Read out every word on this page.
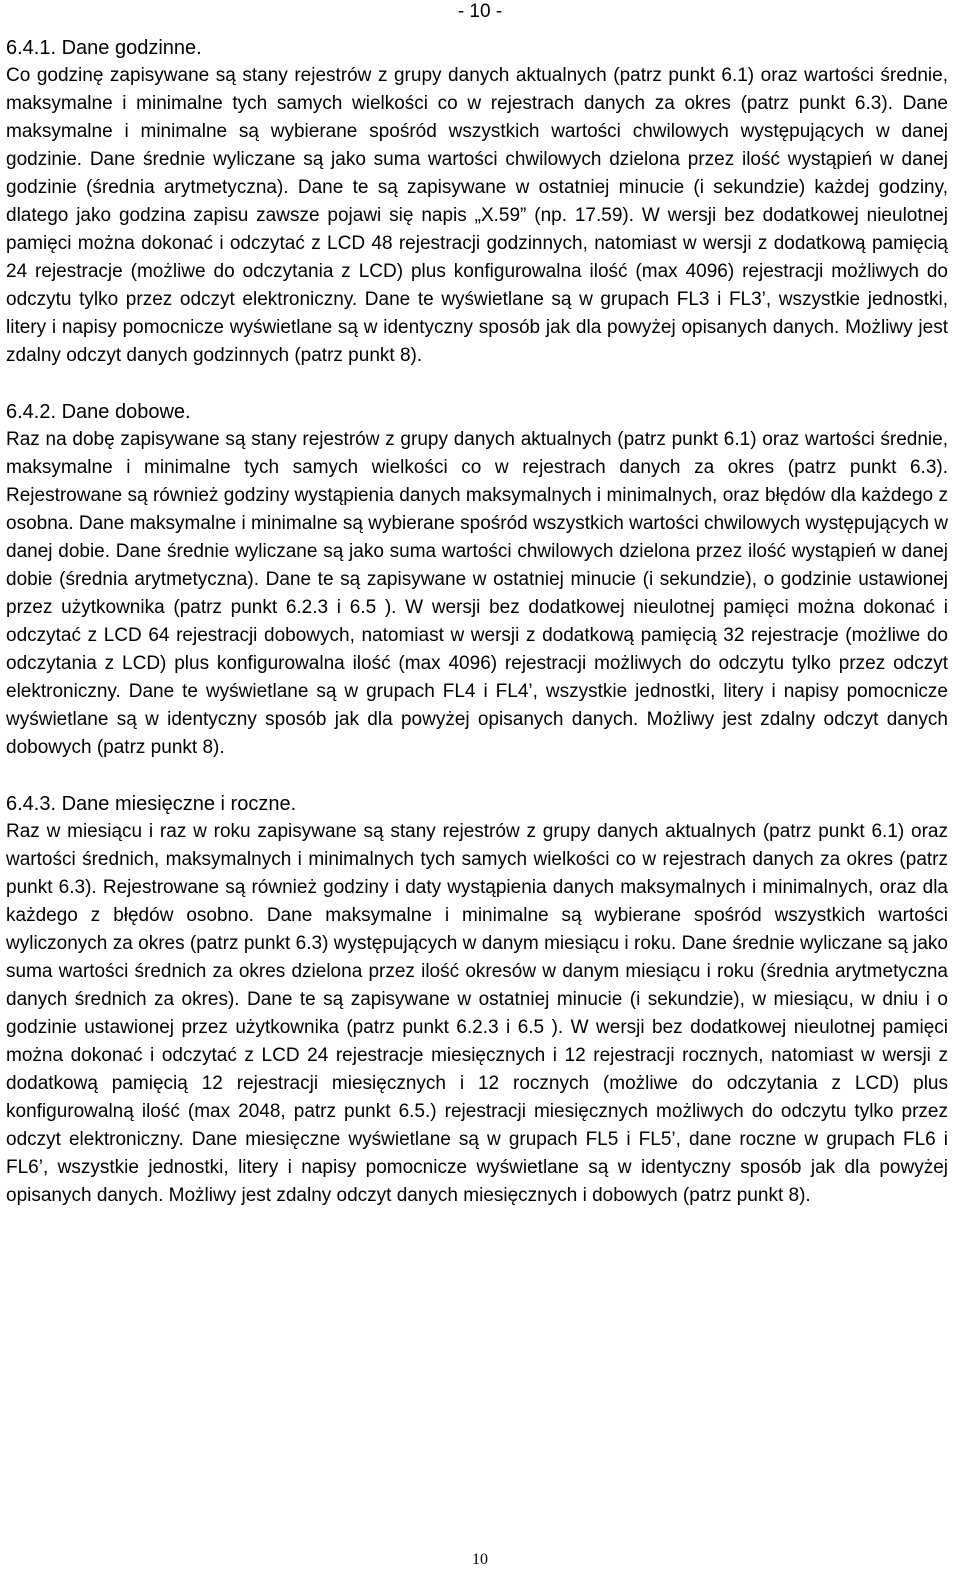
- 10 -
6.4.1. Dane godzinne.
Co godzinę zapisywane są stany rejestrów z grupy danych aktualnych (patrz punkt 6.1) oraz wartości średnie, maksymalne i minimalne tych samych wielkości co w rejestrach danych za okres (patrz punkt 6.3). Dane maksymalne i minimalne są wybierane spośród wszystkich wartości chwilowych występujących w danej godzinie. Dane średnie wyliczane są jako suma wartości chwilowych dzielona przez ilość wystąpień w danej godzinie (średnia arytmetyczna). Dane te są zapisywane w ostatniej minucie (i sekundzie) każdej godziny, dlatego jako godzina zapisu zawsze pojawi się napis „X.59” (np. 17.59). W wersji bez dodatkowej nieulotnej pamięci można dokonać i odczytać z LCD 48 rejestracji godzinnych, natomiast w wersji z dodatkową pamięcią 24 rejestracje (możliwe do odczytania z LCD) plus konfigurowalna ilość (max 4096) rejestracji możliwych do odczytu tylko przez odczyt elektroniczny. Dane te wyświetlane są w grupach FL3 i FL3’, wszystkie jednostki, litery i napisy pomocnicze wyświetlane są w identyczny sposób jak dla powyżej opisanych danych. Możliwy jest zdalny odczyt danych godzinnych (patrz punkt 8).
6.4.2. Dane dobowe.
Raz na dobę zapisywane są stany rejestrów z grupy danych aktualnych (patrz punkt 6.1) oraz wartości średnie, maksymalne i minimalne tych samych wielkości co w rejestrach danych za okres (patrz punkt 6.3). Rejestrowane są również godziny wystąpienia danych maksymalnych i minimalnych, oraz błędów dla każdego z osobna. Dane maksymalne i minimalne są wybierane spośród wszystkich wartości chwilowych występujących w danej dobie. Dane średnie wyliczane są jako suma wartości chwilowych dzielona przez ilość wystąpień w danej dobie (średnia arytmetyczna). Dane te są zapisywane w ostatniej minucie (i sekundzie), o godzinie ustawionej przez użytkownika (patrz punkt 6.2.3 i 6.5 ). W wersji bez dodatkowej nieulotnej pamięci można dokonać i odczytać z LCD 64 rejestracji dobowych, natomiast w wersji z dodatkową pamięcią 32 rejestracje (możliwe do odczytania z LCD) plus konfigurowalna ilość (max 4096) rejestracji możliwych do odczytu tylko przez odczyt elektroniczny. Dane te wyświetlane są w grupach FL4 i FL4’, wszystkie jednostki, litery i napisy pomocnicze wyświetlane są w identyczny sposób jak dla powyżej opisanych danych. Możliwy jest zdalny odczyt danych dobowych (patrz punkt 8).
6.4.3. Dane miesięczne i roczne.
Raz w miesiącu i raz w roku zapisywane są stany rejestrów z grupy danych aktualnych (patrz punkt 6.1) oraz wartości średnich, maksymalnych i minimalnych tych samych wielkości co w rejestrach danych za okres (patrz punkt 6.3). Rejestrowane są również godziny i daty wystąpienia danych maksymalnych i minimalnych, oraz dla każdego z błędów osobno. Dane maksymalne i minimalne są wybierane spośród wszystkich wartości wyliczonych za okres (patrz punkt 6.3) występujących w danym miesiącu i roku. Dane średnie wyliczane są jako suma wartości średnich za okres dzielona przez ilość okresów w danym miesiącu i roku (średnia arytmetyczna danych średnich za okres). Dane te są zapisywane w ostatniej minucie (i sekundzie), w miesiącu, w dniu i o godzinie ustawionej przez użytkownika (patrz punkt 6.2.3 i 6.5 ). W wersji bez dodatkowej nieulotnej pamięci można dokonać i odczytać z LCD 24 rejestracje miesięcznych i 12 rejestracji rocznych, natomiast w wersji z dodatkową pamięcią 12 rejestracji miesięcznych i 12 rocznych (możliwe do odczytania z LCD) plus konfigurowalną ilość (max 2048, patrz punkt 6.5.) rejestracji miesięcznych możliwych do odczytu tylko przez odczyt elektroniczny. Dane miesięczne wyświetlane są w grupach FL5 i FL5’, dane roczne w grupach FL6 i FL6’, wszystkie jednostki, litery i napisy pomocnicze wyświetlane są w identyczny sposób jak dla powyżej opisanych danych. Możliwy jest zdalny odczyt danych miesięcznych i dobowych (patrz punkt 8).
10
